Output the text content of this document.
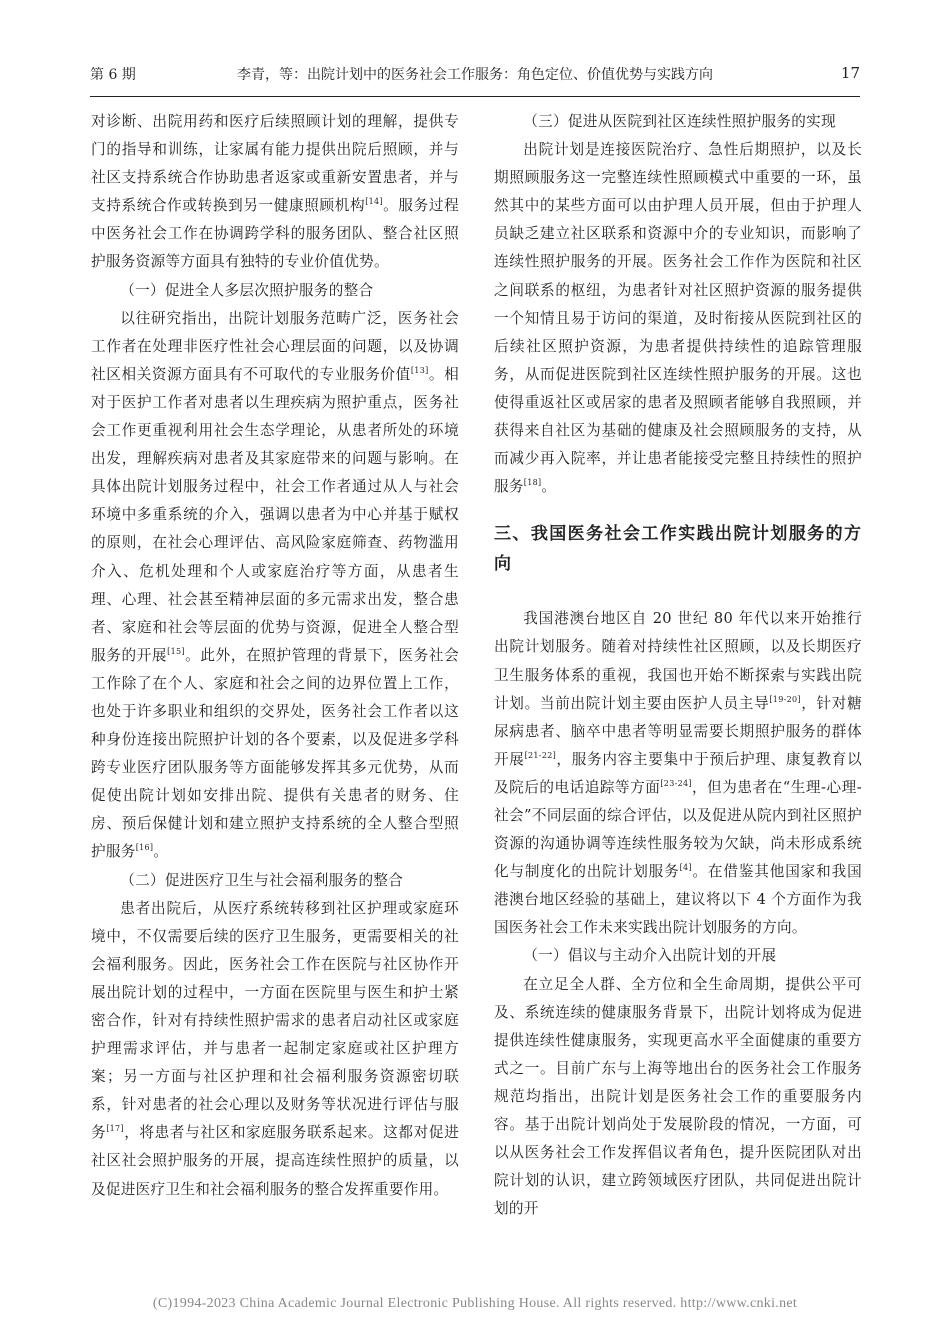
第 6 期	李青，等：出院计划中的医务社会工作服务：角色定位、价值优势与实践方向	17

对诊断、出院用药和医疗后续照顾计划的理解，提供专门的指导和训练，让家属有能力提供出院后照顾，并与社区支持系统合作协助患者返家或重新安置患者，并与支持系统合作或转换到另一健康照顾机构[14]。服务过程中医务社会工作在协调跨学科的服务团队、整合社区照护服务资源等方面具有独特的专业价值优势。

（一）促进全人多层次照护服务的整合

以往研究指出，出院计划服务范畴广泛，医务社会工作者在处理非医疗性社会心理层面的问题，以及协调社区相关资源方面具有不可取代的专业服务价值[13]。相对于医护工作者对患者以生理疾病为照护重点，医务社会工作更重视利用社会生态学理论，从患者所处的环境出发，理解疾病对患者及其家庭带来的问题与影响。在具体出院计划服务过程中，社会工作者通过从人与社会环境中多重系统的介入，强调以患者为中心并基于赋权的原则，在社会心理评估、高风险家庭筛查、药物滥用介入、危机处理和个人或家庭治疗等方面，从患者生理、心理、社会甚至精神层面的多元需求出发，整合患者、家庭和社会等层面的优势与资源，促进全人整合型服务的开展[15]。此外，在照护管理的背景下，医务社会工作除了在个人、家庭和社会之间的边界位置上工作，也处于许多职业和组织的交界处，医务社会工作者以这种身份连接出院照护计划的各个要素，以及促进多学科跨专业医疗团队服务等方面能够发挥其多元优势，从而促使出院计划如安排出院、提供有关患者的财务、住房、预后保健计划和建立照护支持系统的全人整合型照护服务[16]。

（二）促进医疗卫生与社会福利服务的整合

患者出院后，从医疗系统转移到社区护理或家庭环境中，不仅需要后续的医疗卫生服务，更需要相关的社会福利服务。因此，医务社会工作在医院与社区协作开展出院计划的过程中，一方面在医院里与医生和护士紧密合作，针对有持续性照护需求的患者启动社区或家庭护理需求评估，并与患者一起制定家庭或社区护理方案；另一方面与社区护理和社会福利服务资源密切联系，针对患者的社会心理以及财务等状况进行评估与服务[17]，将患者与社区和家庭服务联系起来。这都对促进社区社会照护服务的开展，提高连续性照护的质量，以及促进医疗卫生和社会福利服务的整合发挥重要作用。

（三）促进从医院到社区连续性照护服务的实现

出院计划是连接医院治疗、急性后期照护，以及长期照顾服务这一完整连续性照顾模式中重要的一环，虽然其中的某些方面可以由护理人员开展，但由于护理人员缺乏建立社区联系和资源中介的专业知识，而影响了连续性照护服务的开展。医务社会工作作为医院和社区之间联系的枢纽，为患者针对社区照护资源的服务提供一个知情且易于访问的渠道，及时衔接从医院到社区的后续社区照护资源，为患者提供持续性的追踪管理服务，从而促进医院到社区连续性照护服务的开展。这也使得重返社区或居家的患者及照顾者能够自我照顾，并获得来自社区为基础的健康及社会照顾服务的支持，从而减少再入院率，并让患者能接受完整且持续性的照护服务[18]。

三、我国医务社会工作实践出院计划服务的方向

我国港澳台地区自 20 世纪 80 年代以来开始推行出院计划服务。随着对持续性社区照顾，以及长期医疗卫生服务体系的重视，我国也开始不断探索与实践出院计划。当前出院计划主要由医护人员主导[19-20]，针对糖尿病患者、脑卒中患者等明显需要长期照护服务的群体开展[21-22]，服务内容主要集中于预后护理、康复教育以及院后的电话追踪等方面[23-24]，但为患者在“生理-心理-社会”不同层面的综合评估，以及促进从院内到社区照护资源的沟通协调等连续性服务较为欠缺，尚未形成系统化与制度化的出院计划服务[4]。在借鉴其他国家和我国港澳台地区经验的基础上，建议将以下 4 个方面作为我国医务社会工作未来实践出院计划服务的方向。

（一）倡议与主动介入出院计划的开展

在立足全人群、全方位和全生命周期，提供公平可及、系统连续的健康服务背景下，出院计划将成为促进提供连续性健康服务，实现更高水平全面健康的重要方式之一。目前广东与上海等地出台的医务社会工作服务规范均指出，出院计划是医务社会工作的重要服务内容。基于出院计划尚处于发展阶段的情况，一方面，可以从医务社会工作发挥倡议者角色，提升医院团队对出院计划的认识，建立跨领域医疗团队，共同促进出院计划的开

(C)1994-2023 China Academic Journal Electronic Publishing House. All rights reserved. http://www.cnki.net
